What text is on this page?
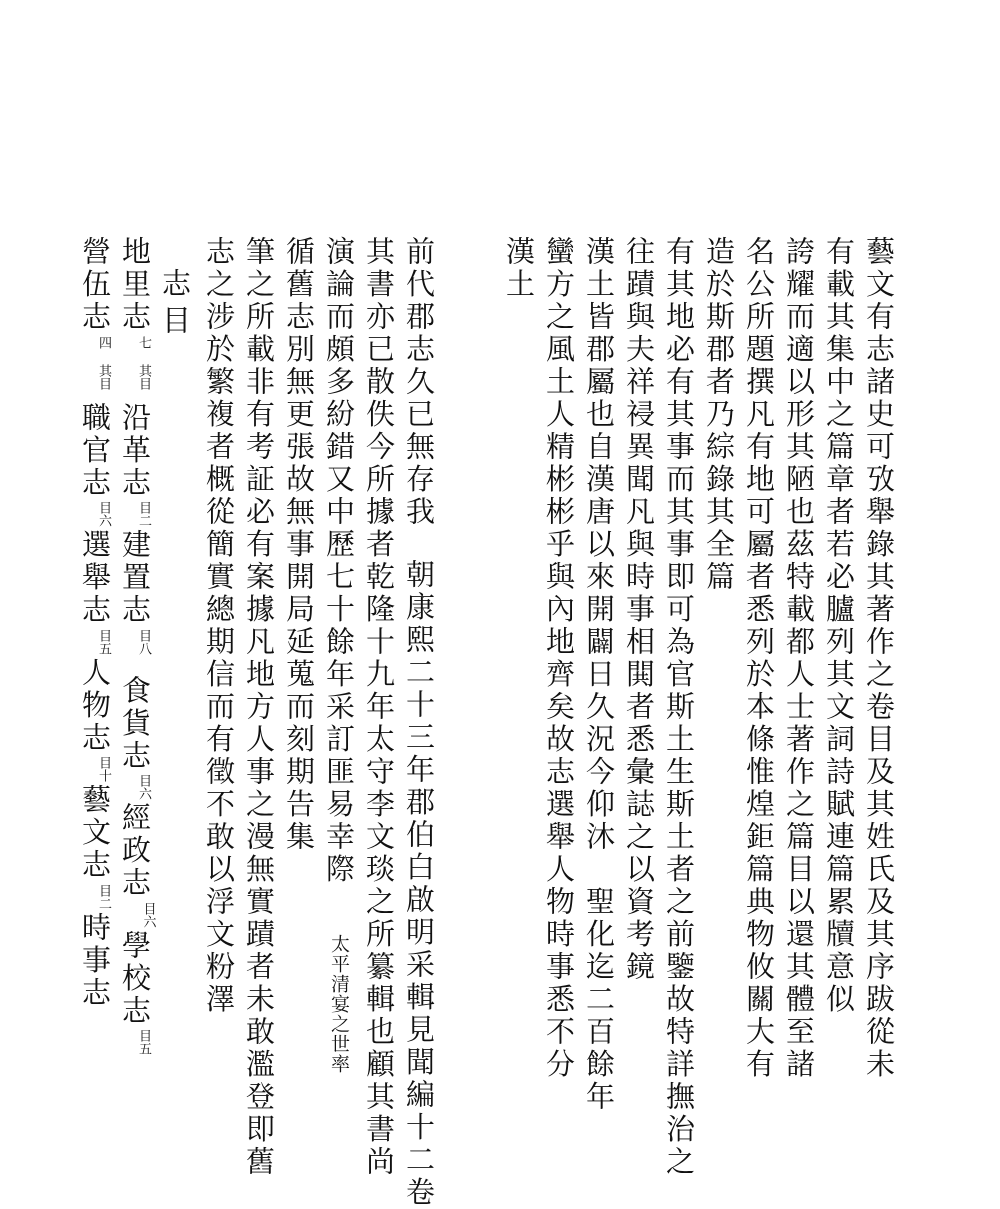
藝文有志諸史可攷舉錄其著作之卷目及其姓氏及其序跋從未
有載其集中之篇章者若必臚列其文詞詩賦連篇累牘意似
誇耀而適以形其陋也茲特載都人士著作之篇目以還其體至諸
名公所題撰凡有地可屬者悉列於本條惟煌鉅篇典物攸關大有
造於斯郡者乃綜錄其全篇
有其地必有其事而其事即可為官斯土生斯土者之前鑒故特詳撫治之
往蹟與夫祥祲異聞凡與時事相閧者悉彙誌之以資考鏡
漢土皆郡屬也自漢唐以來開闢日久況今仰沐　聖化迄二百餘年
蠻方之風土人精彬彬乎與內地齊矣故志選舉人物時事悉不分
漢土
前代郡志久已無存我朝康熙二十三年郡伯白啟明采輯見聞編十二卷
其書亦已散佚今所據者乾隆十九年太守李文琰之所纂輯也顧其書尚
演論而頗多紛錯又中歷七十餘年采訂匪易幸際太平清宴之世率
循舊志別無更張故無事開局延蒐而刻期告集
筆之所載非有考証必有案據凡地方人事之漫無實蹟者未敢濫登即舊
志之涉於繁複者概從簡實總期信而有徵不敢以浮文粉澤
志目
地里志七 其目沿革志目二建置志目八食貨志目六經政志目六學校志目五
營伍志四 其目職官志目六選舉志目五人物志目十藝文志目二時事志
